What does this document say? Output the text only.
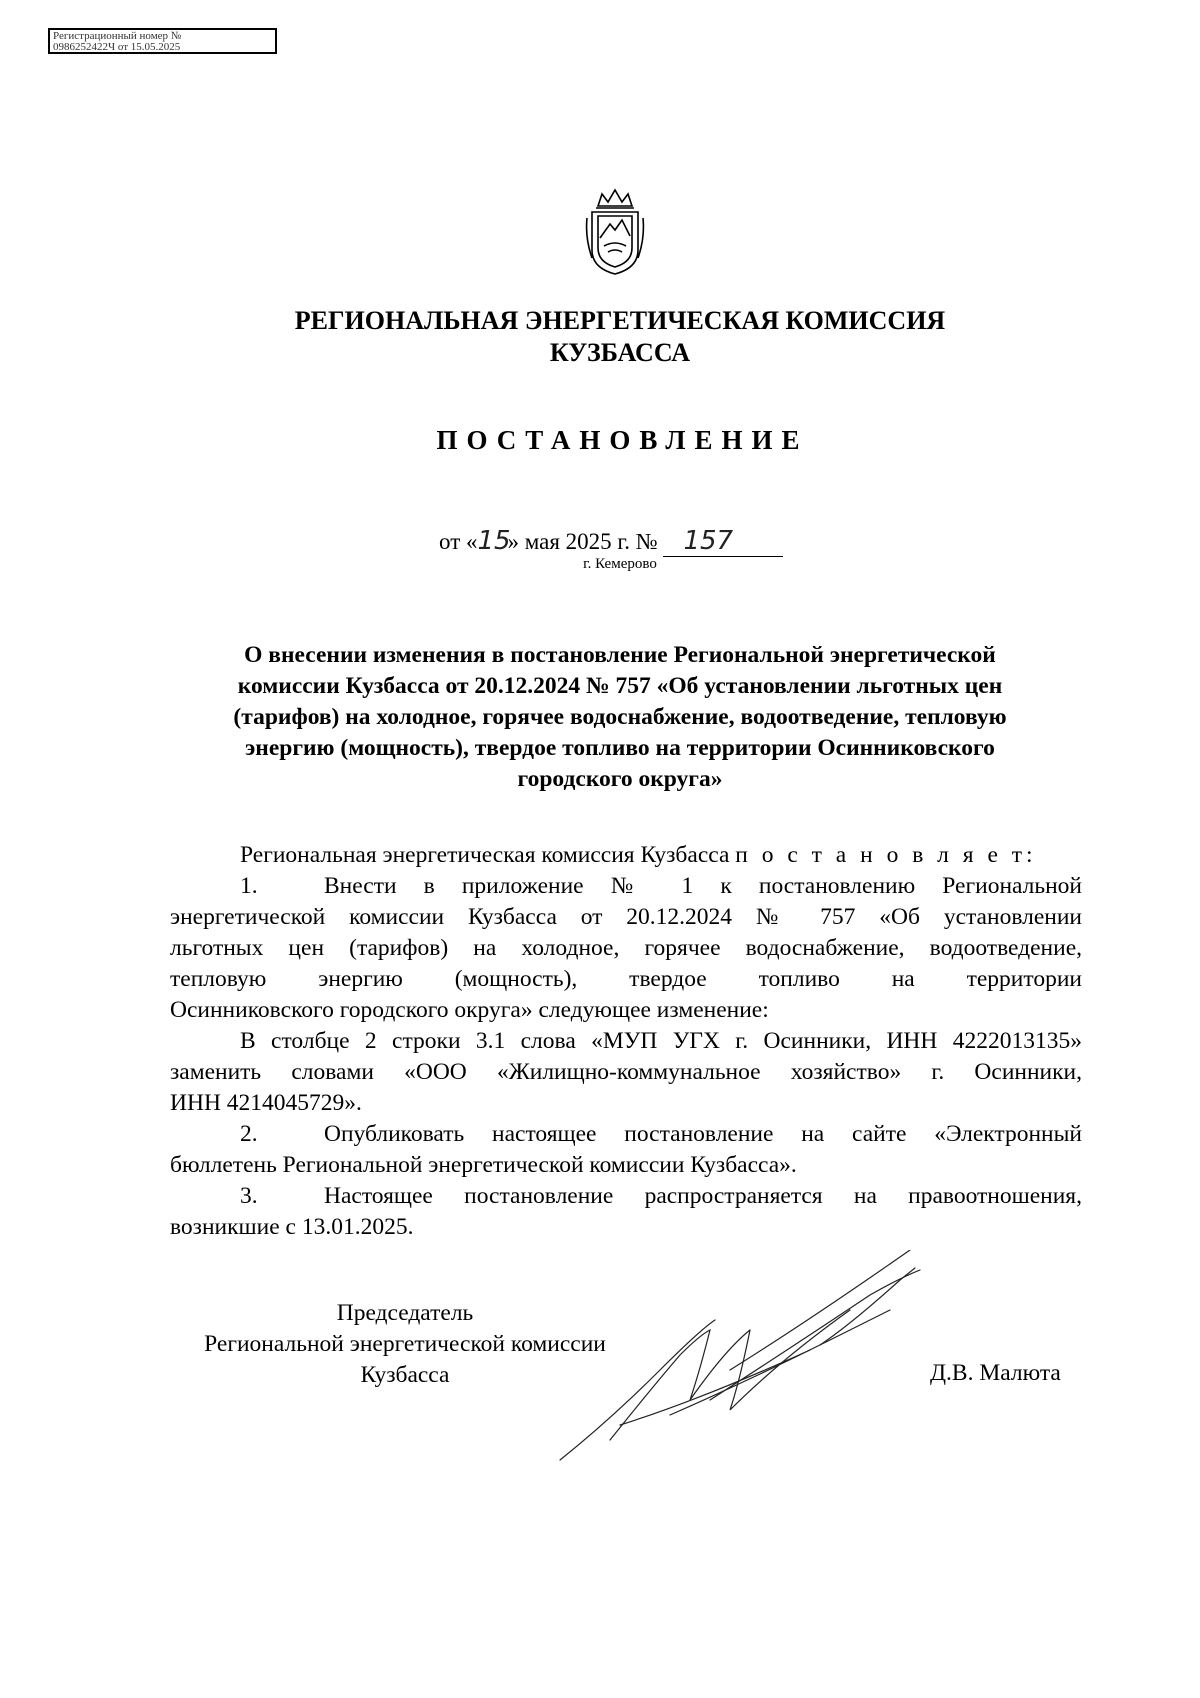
Регистрационный номер №
0986252422Ч от 15.05.2025
РЕГИОНАЛЬНАЯ ЭНЕРГЕТИЧЕСКАЯ КОМИССИЯ
КУЗБАССА
ПОСТАНОВЛЕНИЕ
от «15» мая 2025 г. № 157
г. Кемерово
О внесении изменения в постановление Региональной энергетической
комиссии Кузбасса от 20.12.2024 № 757 «Об установлении льготных цен
(тарифов) на холодное, горячее водоснабжение, водоотведение, тепловую
энергию (мощность), твердое топливо на территории Осинниковского
городского округа»
Региональная энергетическая комиссия Кузбасса п о с т а н о в л я е т:
1.	Внести в приложение № 1 к постановлению Региональной
энергетической комиссии Кузбасса от 20.12.2024 № 757 «Об установлении
льготных цен (тарифов) на холодное, горячее водоснабжение, водоотведение,
тепловую энергию (мощность), твердое топливо на территории
Осинниковского городского округа» следующее изменение:
В столбце 2 строки 3.1 слова «МУП УГХ г. Осинники, ИНН 4222013135»
заменить словами «ООО «Жилищно-коммунальное хозяйство» г. Осинники,
ИНН 4214045729».
2.	Опубликовать настоящее постановление на сайте «Электронный
бюллетень Региональной энергетической комиссии Кузбасса».
3.	Настоящее постановление распространяется на правоотношения,
возникшие с 13.01.2025.
Председатель
Региональной энергетической комиссии
Кузбасса	Д.В. Малюта
